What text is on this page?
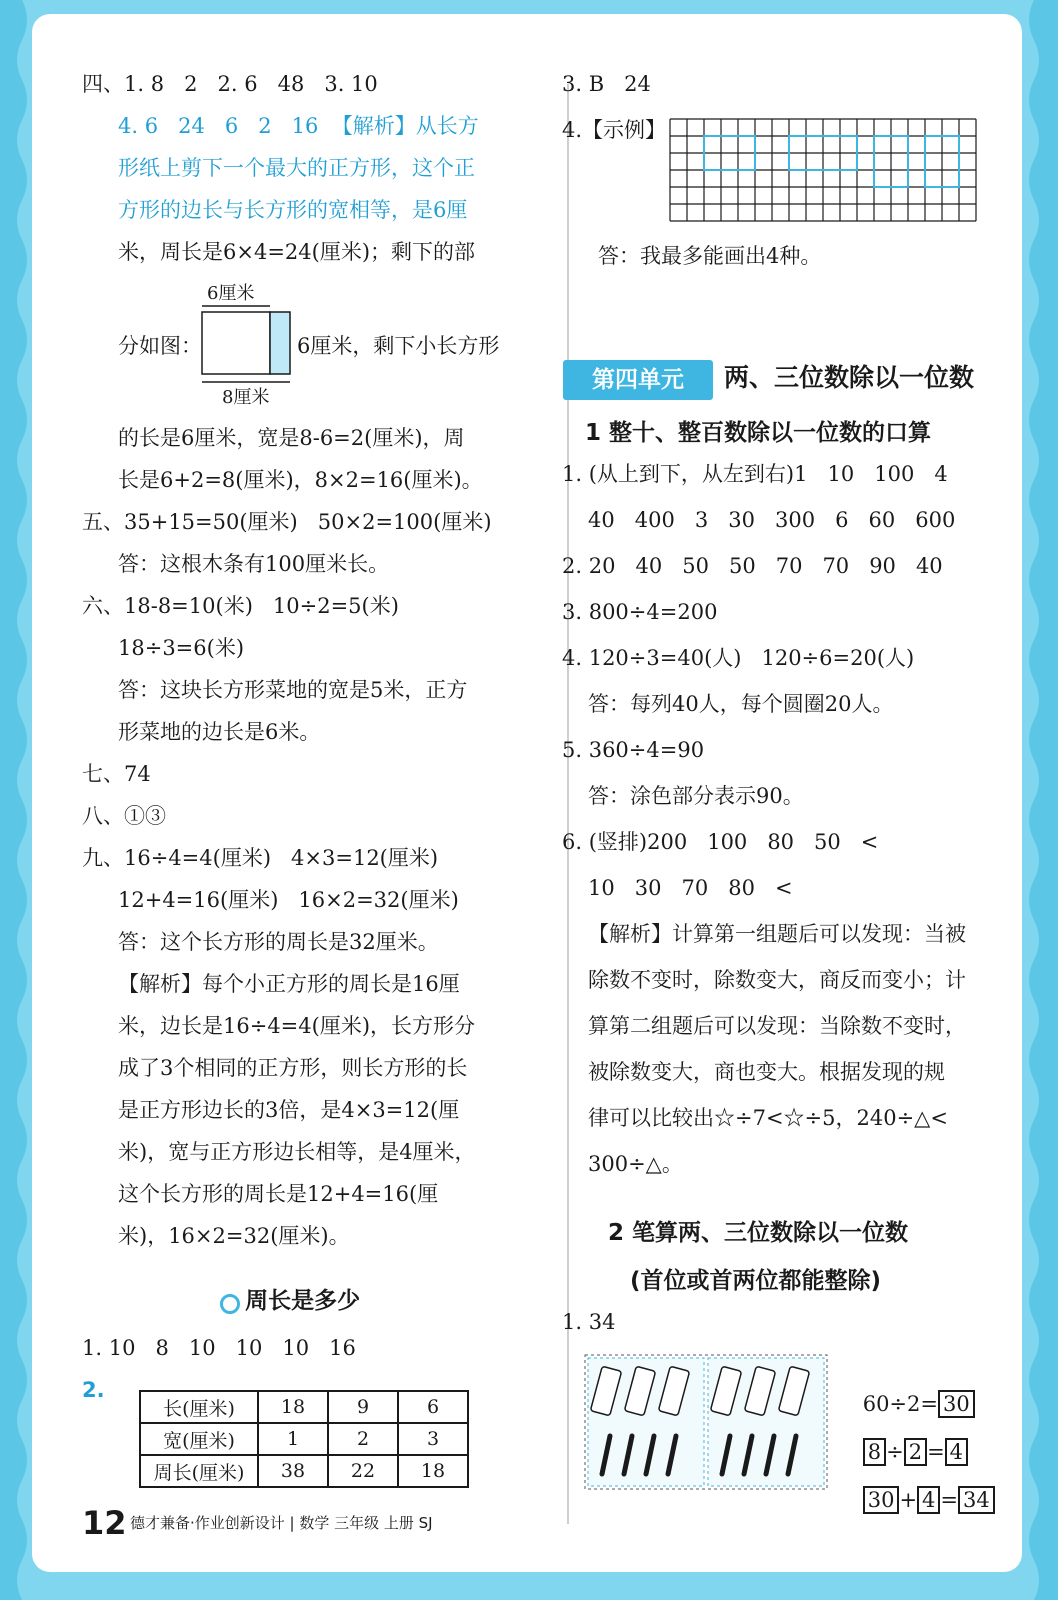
四、1. 8   2   2. 6   48   3. 10
4. 6   24   6   2   16  【解析】从长方
形纸上剪下一个最大的正方形，这个正
方形的边长与长方形的宽相等，是6厘
米，周长是6×4=24(厘米)；剩下的部
6厘米
分如图：	6厘米，剩下小长方形
8厘米
的长是6厘米，宽是8-6=2(厘米)，周
长是6+2=8(厘米)，8×2=16(厘米)。
五、35+15=50(厘米)   50×2=100(厘米)
答：这根木条有100厘米长。
六、18-8=10(米)   10÷2=5(米)
18÷3=6(米)
答：这块长方形菜地的宽是5米，正方
形菜地的边长是6米。
七、74
八、①③
九、16÷4=4(厘米)   4×3=12(厘米)
12+4=16(厘米)   16×2=32(厘米)
答：这个长方形的周长是32厘米。
【解析】每个小正方形的周长是16厘
米，边长是16÷4=4(厘米)，长方形分
成了3个相同的正方形，则长方形的长
是正方形边长的3倍，是4×3=12(厘
米)，宽与正方形边长相等，是4厘米，
这个长方形的周长是12+4=16(厘
米)，16×2=32(厘米)。
周长是多少
1. 10   8   10   10   10   16
2.
长(厘米)	18	9	6
宽(厘米)	1	2	3
周长(厘米)	38	22	18
3. B   24
4.【示例】
答：我最多能画出4种。
第四单元	两、三位数除以一位数
1 整十、整百数除以一位数的口算
1. (从上到下，从左到右)1   10   100   4
40   400   3   30   300   6   60   600
2. 20   40   50   50   70   70   90   40
3. 800÷4=200
4. 120÷3=40(人)   120÷6=20(人)
答：每列40人，每个圆圈20人。
5. 360÷4=90
答：涂色部分表示90。
6. (竖排)200   100   80   50   <
10   30   70   80   <
【解析】计算第一组题后可以发现：当被
除数不变时，除数变大，商反而变小；计
算第二组题后可以发现：当除数不变时，
被除数变大，商也变大。根据发现的规
律可以比较出☆÷7<☆÷5，240÷△<
300÷△。
2 笔算两、三位数除以一位数
(首位或首两位都能整除)
1. 34

60÷2= 30

8 ÷ 2 = 4

30 + 4 = 34

12 德才兼备·作业创新设计 | 数学 三年级 上册 SJ
